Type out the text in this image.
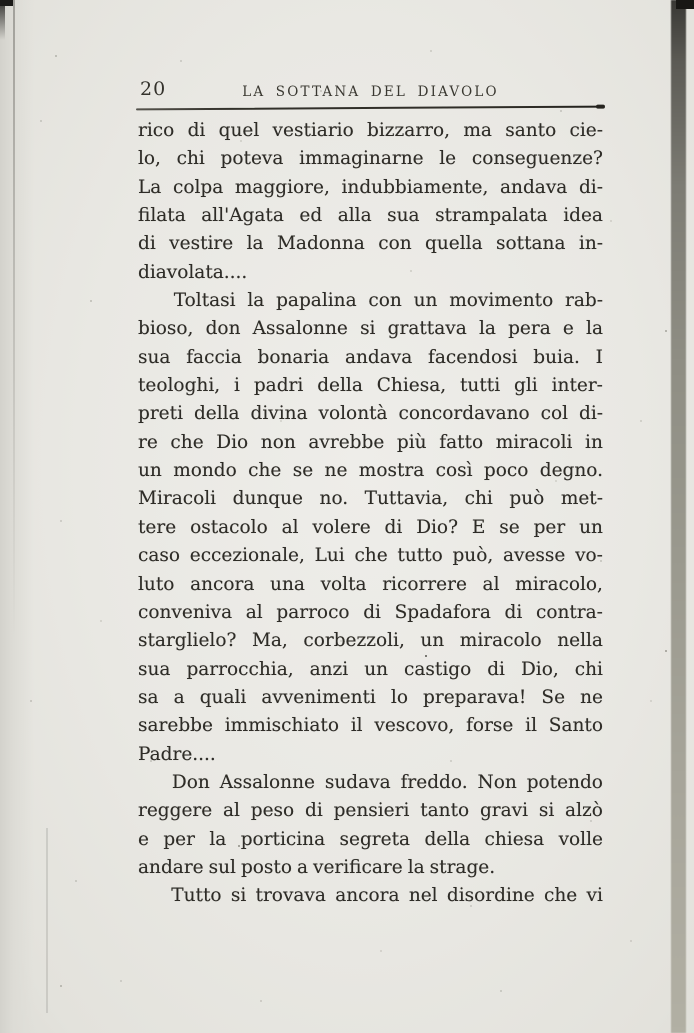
20	LA SOTTANA DEL DIAVOLO
rico di quel vestiario bizzarro, ma santo cie-
lo, chi poteva immaginarne le conseguenze?
La colpa maggiore, indubbiamente, andava di-
filata all'Agata ed alla sua strampalata idea
di vestire la Madonna con quella sottana in-
diavolata....
Toltasi la papalina con un movimento rab-
bioso, don Assalonne si grattava la pera e la
sua faccia bonaria andava facendosi buia. I
teologhi, i padri della Chiesa, tutti gli inter-
preti della divina volontà concordavano col di-
re che Dio non avrebbe più fatto miracoli in
un mondo che se ne mostra così poco degno.
Miracoli dunque no. Tuttavia, chi può met-
tere ostacolo al volere di Dio? E se per un
caso eccezionale, Lui che tutto può, avesse vo-
luto ancora una volta ricorrere al miracolo,
conveniva al parroco di Spadafora di contra-
starglielo? Ma, corbezzoli, un miracolo nella
sua parrocchia, anzi un castigo di Dio, chi
sa a quali avvenimenti lo preparava! Se ne
sarebbe immischiato il vescovo, forse il Santo
Padre....
Don Assalonne sudava freddo. Non potendo
reggere al peso di pensieri tanto gravi si alzò
e per la porticina segreta della chiesa volle
andare sul posto a verificare la strage.
Tutto si trovava ancora nel disordine che vi
